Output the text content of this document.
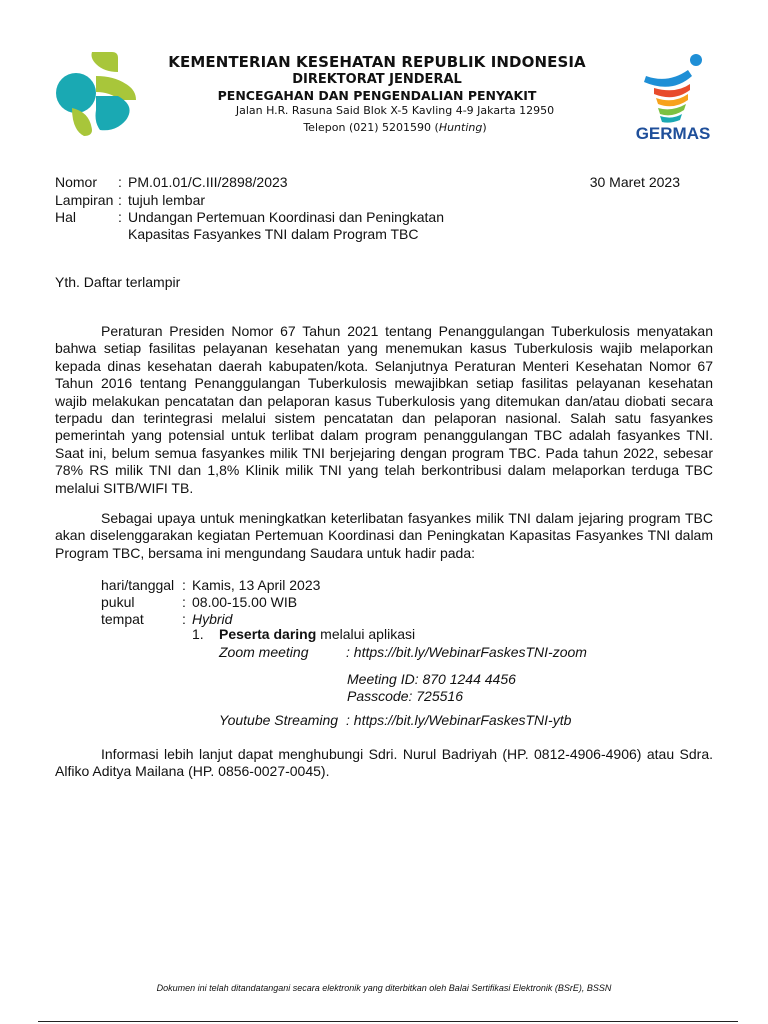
KEMENTERIAN KESEHATAN REPUBLIK INDONESIA
DIREKTORAT JENDERAL
PENCEGAHAN DAN PENGENDALIAN PENYAKIT
Jalan H.R. Rasuna Said Blok X-5 Kavling 4-9 Jakarta 12950
Telepon (021) 5201590 (Hunting)	GERMAS
Nomor : PM.01.01/C.III/2898/2023	30 Maret 2023
Lampiran : tujuh lembar
Hal	: Undangan Pertemuan Koordinasi dan Peningkatan
Kapasitas Fasyankes TNI dalam Program TBC
Yth. Daftar terlampir
Peraturan Presiden Nomor 67 Tahun 2021 tentang Penanggulangan Tuberkulosis menyatakan bahwa setiap fasilitas pelayanan kesehatan yang menemukan kasus Tuberkulosis wajib melaporkan kepada dinas kesehatan daerah kabupaten/kota. Selanjutnya Peraturan Menteri Kesehatan Nomor 67 Tahun 2016 tentang Penanggulangan Tuberkulosis mewajibkan setiap fasilitas pelayanan kesehatan wajib melakukan pencatatan dan pelaporan kasus Tuberkulosis yang ditemukan dan/atau diobati secara terpadu dan terintegrasi melalui sistem pencatatan dan pelaporan nasional. Salah satu fasyankes pemerintah yang potensial untuk terlibat dalam program penanggulangan TBC adalah fasyankes TNI. Saat ini, belum semua fasyankes milik TNI berjejaring dengan program TBC. Pada tahun 2022, sebesar 78% RS milik TNI dan 1,8% Klinik milik TNI yang telah berkontribusi dalam melaporkan terduga TBC melalui SITB/WIFI TB.
Sebagai upaya untuk meningkatkan keterlibatan fasyankes milik TNI dalam jejaring program TBC akan diselenggarakan kegiatan Pertemuan Koordinasi dan Peningkatan Kapasitas Fasyankes TNI dalam Program TBC, bersama ini mengundang Saudara untuk hadir pada:
hari/tanggal : Kamis, 13 April 2023
pukul	: 08.00-15.00 WIB
tempat	: Hybrid
1. Peserta daring melalui aplikasi
Zoom meeting	: https://bit.ly/WebinarFaskesTNI-zoom
Meeting ID: 870 1244 4456
Passcode: 725516
Youtube Streaming : https://bit.ly/WebinarFaskesTNI-ytb
Informasi lebih lanjut dapat menghubungi Sdri. Nurul Badriyah (HP. 0812-4906-4906) atau Sdra. Alfiko Aditya Mailana (HP. 0856-0027-0045).
Dokumen ini telah ditandatangani secara elektronik yang diterbitkan oleh Balai Sertifikasi Elektronik (BSrE), BSSN
